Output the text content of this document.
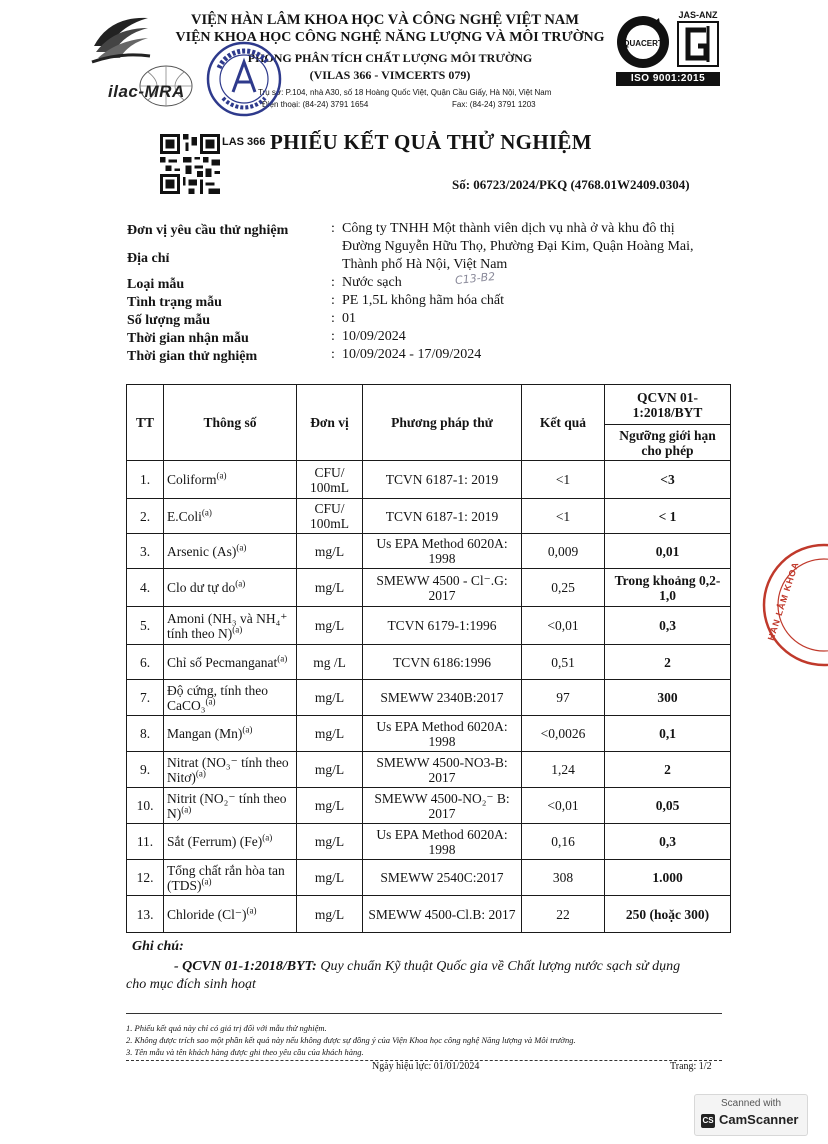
VIỆN HÀN LÂM KHOA HỌC VÀ CÔNG NGHỆ VIỆT NAM
VIỆN KHOA HỌC CÔNG NGHỆ NĂNG LƯỢNG VÀ MÔI TRƯỜNG
PHÒNG PHÂN TÍCH CHẤT LƯỢNG MÔI TRƯỜNG
(VILAS 366 - VIMCERTS 079)
Trụ sở: P.104, nhà A30, số 18 Hoàng Quốc Việt, Quận Cầu Giấy, Hà Nội, Việt Nam
Điện thoại: (84-24) 3791 1654	Fax: (84-24) 3791 1203
ilac-MRA
QUACERT
JAS-ANZ
ISO 9001:2015
LAS 366 PHIẾU KẾT QUẢ THỬ NGHIỆM
Số: 06723/2024/PKQ (4768.01W2409.0304)
Đơn vị yêu cầu thử nghiệm	: Công ty TNHH Một thành viên dịch vụ nhà ở và khu đô thị
Địa chỉ
Đường Nguyễn Hữu Thọ, Phường Đại Kim, Quận Hoàng Mai,
Thành phố Hà Nội, Việt Nam
Loại mẫu	: Nước sạch	C13-B2
Tình trạng mẫu	: PE 1,5L không hãm hóa chất
Số lượng mẫu	: 01
Thời gian nhận mẫu	: 10/09/2024
Thời gian thử nghiệm	: 10/09/2024 - 17/09/2024
TT	Thông số	Đơn vị	Phương pháp thử	Kết quả	QCVN 01-1:2018/BYT
					Ngưỡng giới hạn cho phép
1.	Coliform$^{(a)}$	CFU/ 100mL	TCVN 6187-1: 2019	<1	<3
2.	E.Coli$^{(a)}$	CFU/ 100mL	TCVN 6187-1: 2019	<1	< 1
3.	Arsenic $(As)^{(a)}$	mg/L	Us EPA Method 6020A: 1998	0,009	0,01
4.	Clo dư tự $do^{(a)}$	mg/L	SMEWW 4500 - Cl⁻.G: 2017	0,25	Trong khoảng 0,2-1,0
5.	Amoni (NH₃ và NH₄⁺ tính theo N)$^{(a)}$	mg/L	TCVN 6179-1:1996	<0,01	0,3
6.	Chỉ số Pecmanganat$^{(a)}$	mg /L	TCVN 6186:1996	0,51	2
7.	Độ cứng, tính theo CaCO₃$^{(a)}$	mg/L	SMEWW 2340B:2017	97	300
8.	Mangan $(Mn)^{(a)}$	mg/L	Us EPA Method 6020A: 1998	<0,0026	0,1
9.	Nitrat (NO₃⁻ tính theo Nitơ)$^{(a)}$	mg/L	SMEWW 4500-NO3-B: 2017	1,24	2
10.	Nitrit (NO₂⁻ tính theo N)$^{(a)}$	mg/L	SMEWW 4500-NO₂⁻ B: 2017	<0,01	0,05
11.	Sắt (Ferrum) $(Fe)^{(a)}$	mg/L	Us EPA Method 6020A: 1998	0,16	0,3
12.	Tổng chất rắn hòa tan (TDS)$^{(a)}$	mg/L	SMEWW 2540C:2017	308	1.000
13.	Chloride $(Cl^-)^{(a)}$	mg/L	SMEWW 4500-Cl.B: 2017	22	250 (hoặc 300)
Ghi chú:
- QCVN 01-1:2018/BYT: Quy chuẩn Kỹ thuật Quốc gia về Chất lượng nước sạch sử dụng
cho mục đích sinh hoạt
1. Phiếu kết quả này chỉ có giá trị đối với mẫu thử nghiệm.
2. Không được trích sao một phần kết quả này nếu không được sự đồng ý của Viện Khoa học công nghệ Năng lượng và Môi trường.
3. Tên mẫu và tên khách hàng được ghi theo yêu cầu của khách hàng.
Ngày hiệu lực: 01/01/2024	Trang: 1/2
HÀN LÂM KHOA
Scanned with
CS CamScanner
